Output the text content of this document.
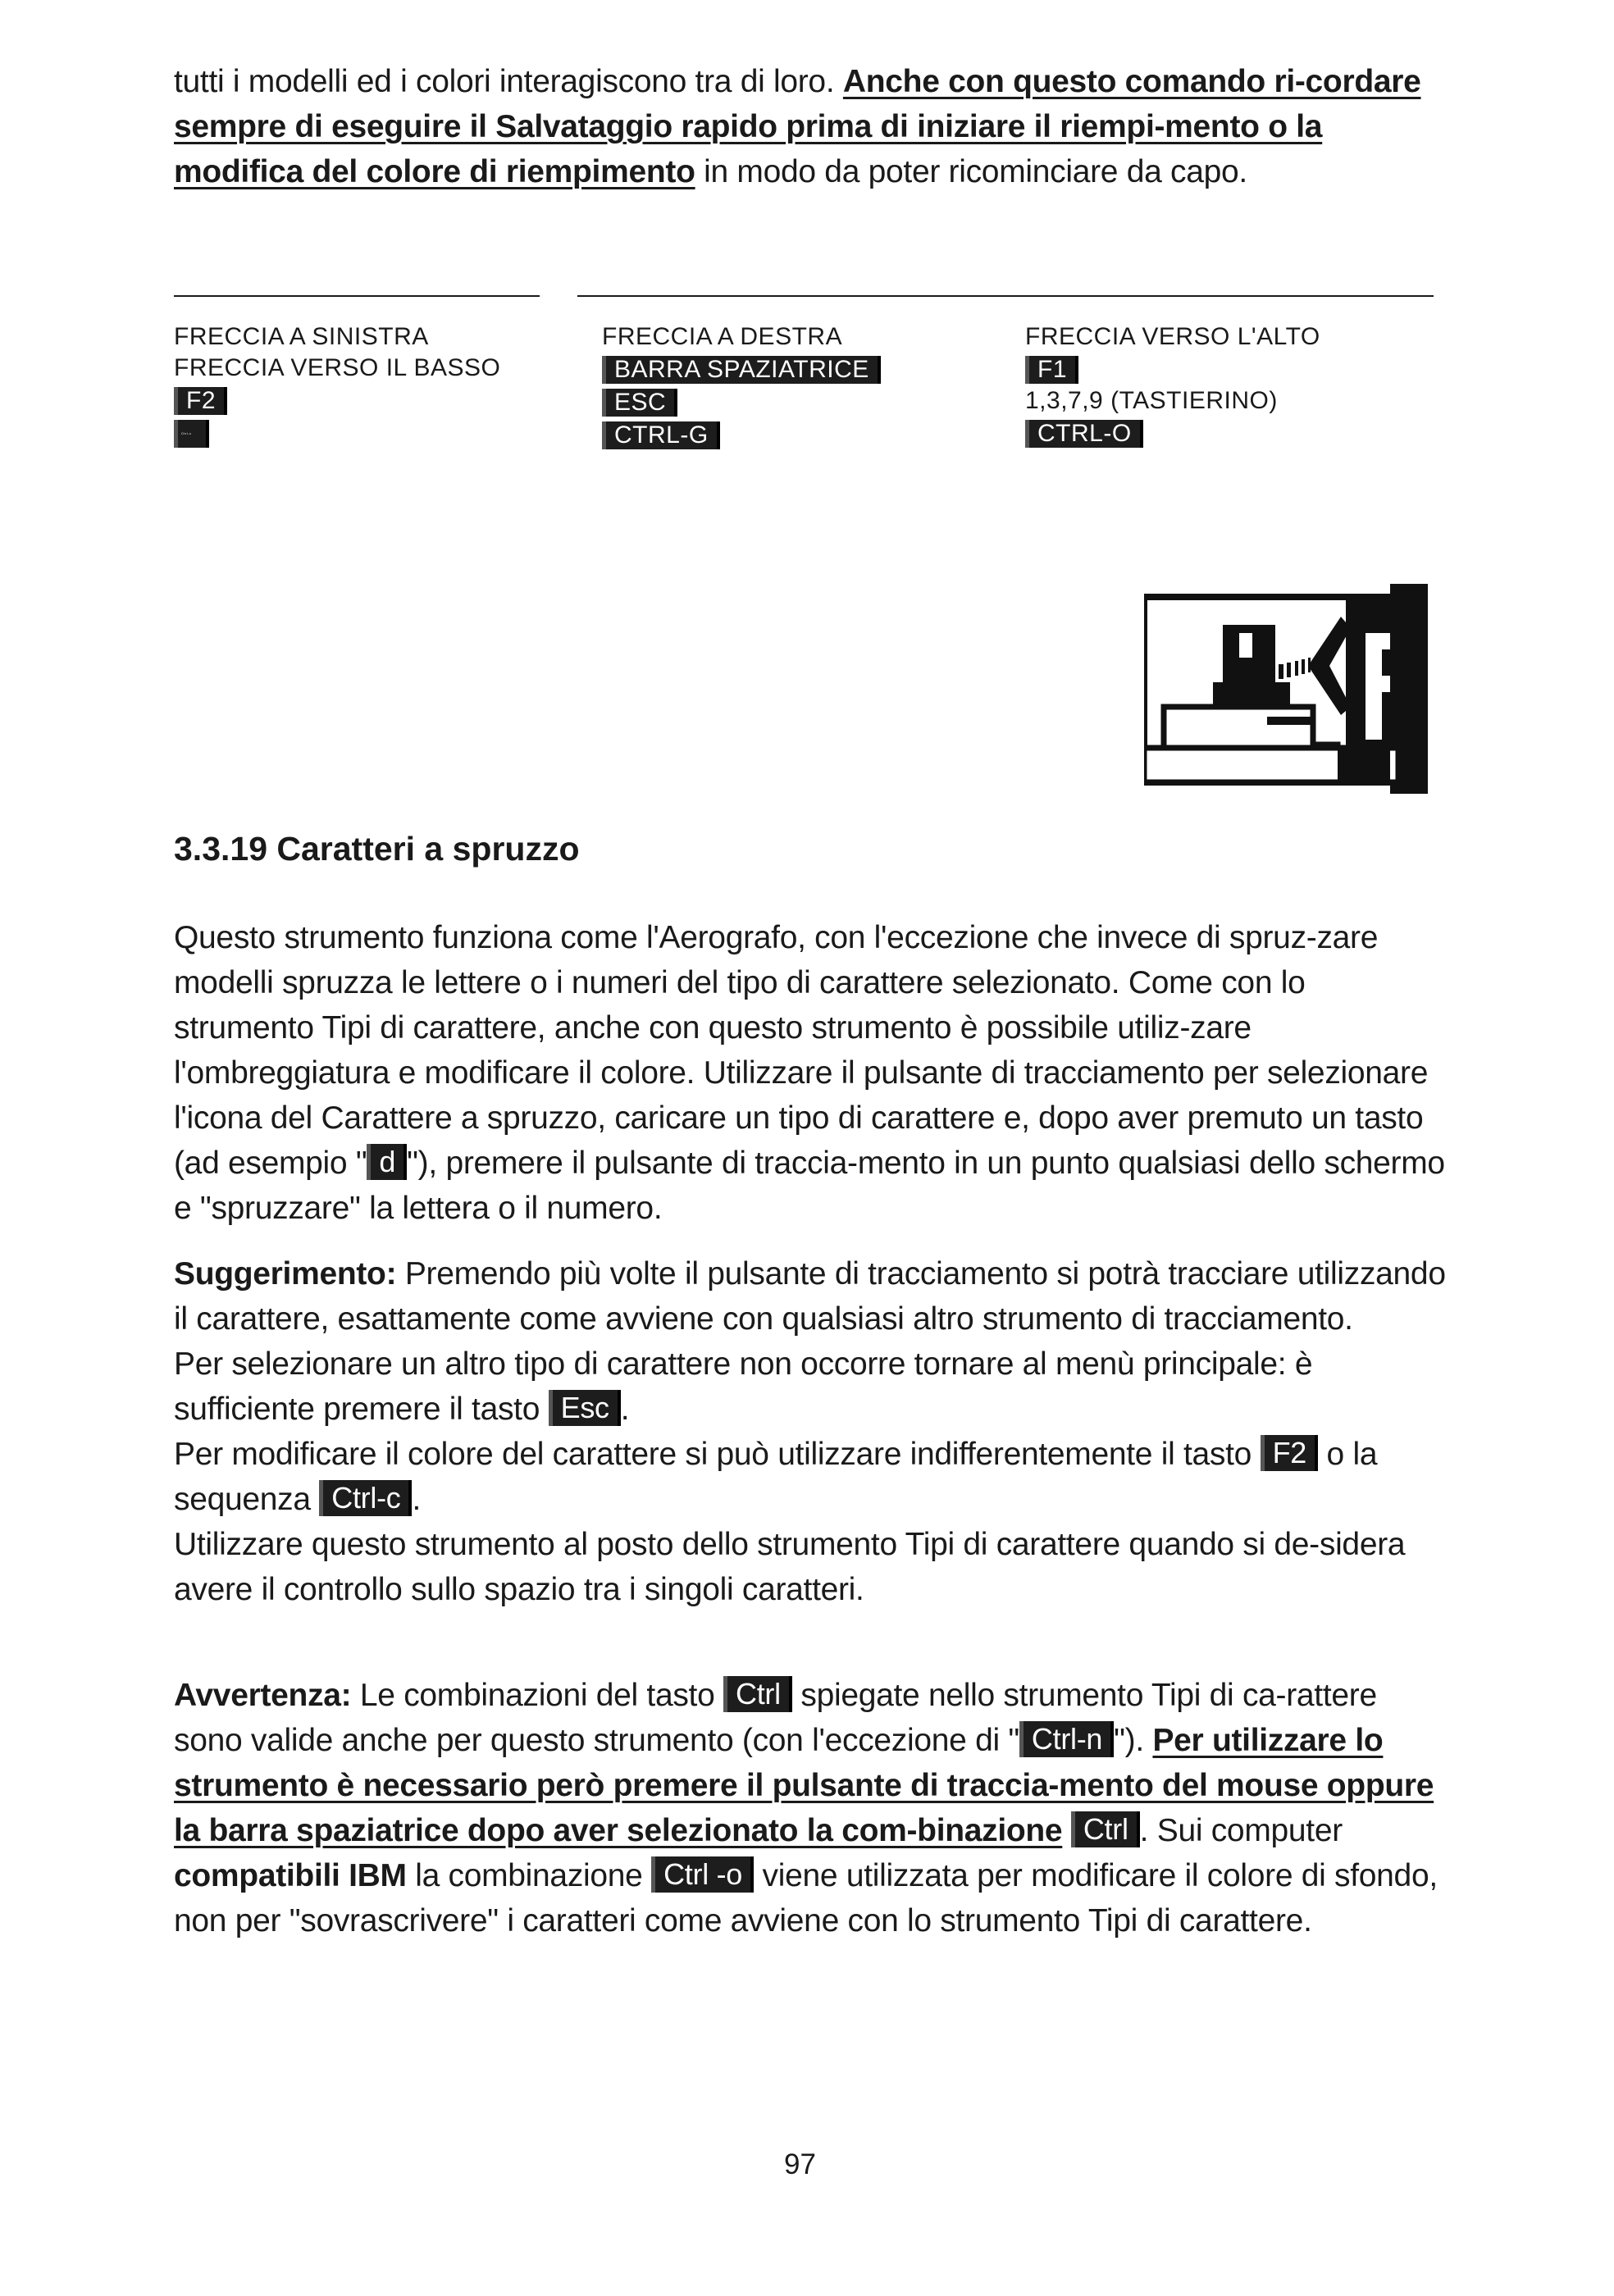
tutti i modelli ed i colori interagiscono tra di loro. Anche con questo comando ri-cordare sempre di eseguire il Salvataggio rapido prima di iniziare il riempi-mento o la modifica del colore di riempimento in modo da poter ricominciare da capo.
FRECCIA A SINISTRA
FRECCIA VERSO IL BASSO
F2
Ctrl-c
FRECCIA A DESTRA
BARRA SPAZIATRICE
ESC
CTRL-G
FRECCIA VERSO L'ALTO
F1
1,3,7,9 (TASTIERINO)
CTRL-O
3.3.19 Caratteri a spruzzo
Questo strumento funziona come l'Aerografo, con l'eccezione che invece di spruz-zare modelli spruzza le lettere o i numeri del tipo di carattere selezionato. Come con lo strumento Tipi di carattere, anche con questo strumento è possibile utiliz-zare l'ombreggiatura e modificare il colore. Utilizzare il pulsante di tracciamento per selezionare l'icona del Carattere a spruzzo, caricare un tipo di carattere e, dopo aver premuto un tasto (ad esempio " d "), premere il pulsante di traccia-mento in un punto qualsiasi dello schermo e "spruzzare" la lettera o il numero.
Suggerimento: Premendo più volte il pulsante di tracciamento si potrà tracciare utilizzando il carattere, esattamente come avviene con qualsiasi altro strumento di tracciamento.
Per selezionare un altro tipo di carattere non occorre tornare al menù principale: è sufficiente premere il tasto Esc .
Per modificare il colore del carattere si può utilizzare indifferentemente il tasto F2 o la sequenza Ctrl-c .
Utilizzare questo strumento al posto dello strumento Tipi di carattere quando si de-sidera avere il controllo sullo spazio tra i singoli caratteri.
Avvertenza: Le combinazioni del tasto Ctrl spiegate nello strumento Tipi di ca-rattere sono valide anche per questo strumento (con l'eccezione di " Ctrl-n "). Per utilizzare lo strumento è necessario però premere il pulsante di traccia-mento del mouse oppure la barra spaziatrice dopo aver selezionato la com-binazione Ctrl . Sui computer compatibili IBM la combinazione Ctrl -o viene utilizzata per modificare il colore di sfondo, non per "sovrascrivere" i caratteri come avviene con lo strumento Tipi di carattere.
97
